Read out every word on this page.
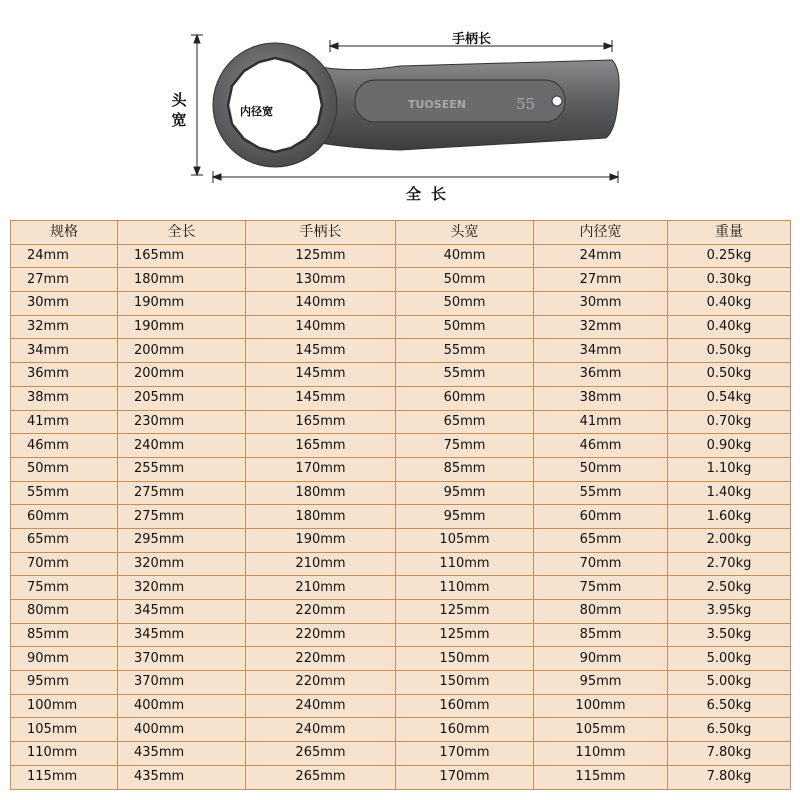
TUOSEEN	55
手柄长
头宽
全长
内径宽
规格	全长	手柄长	头宽	内径宽	重量
24mm	165mm	125mm	40mm	24mm	0.25kg
27mm	180mm	130mm	50mm	27mm	0.30kg
30mm	190mm	140mm	50mm	30mm	0.40kg
32mm	190mm	140mm	50mm	32mm	0.40kg
34mm	200mm	145mm	55mm	34mm	0.50kg
36mm	200mm	145mm	55mm	36mm	0.50kg
38mm	205mm	145mm	60mm	38mm	0.54kg
41mm	230mm	165mm	65mm	41mm	0.70kg
46mm	240mm	165mm	75mm	46mm	0.90kg
50mm	255mm	170mm	85mm	50mm	1.10kg
55mm	275mm	180mm	95mm	55mm	1.40kg
60mm	275mm	180mm	95mm	60mm	1.60kg
65mm	295mm	190mm	105mm	65mm	2.00kg
70mm	320mm	210mm	110mm	70mm	2.70kg
75mm	320mm	210mm	110mm	75mm	2.50kg
80mm	345mm	220mm	125mm	80mm	3.95kg
85mm	345mm	220mm	125mm	85mm	3.50kg
90mm	370mm	220mm	150mm	90mm	5.00kg
95mm	370mm	220mm	150mm	95mm	5.00kg
100mm	400mm	240mm	160mm	100mm	6.50kg
105mm	400mm	240mm	160mm	105mm	6.50kg
110mm	435mm	265mm	170mm	110mm	7.80kg
115mm	435mm	265mm	170mm	115mm	7.80kg
